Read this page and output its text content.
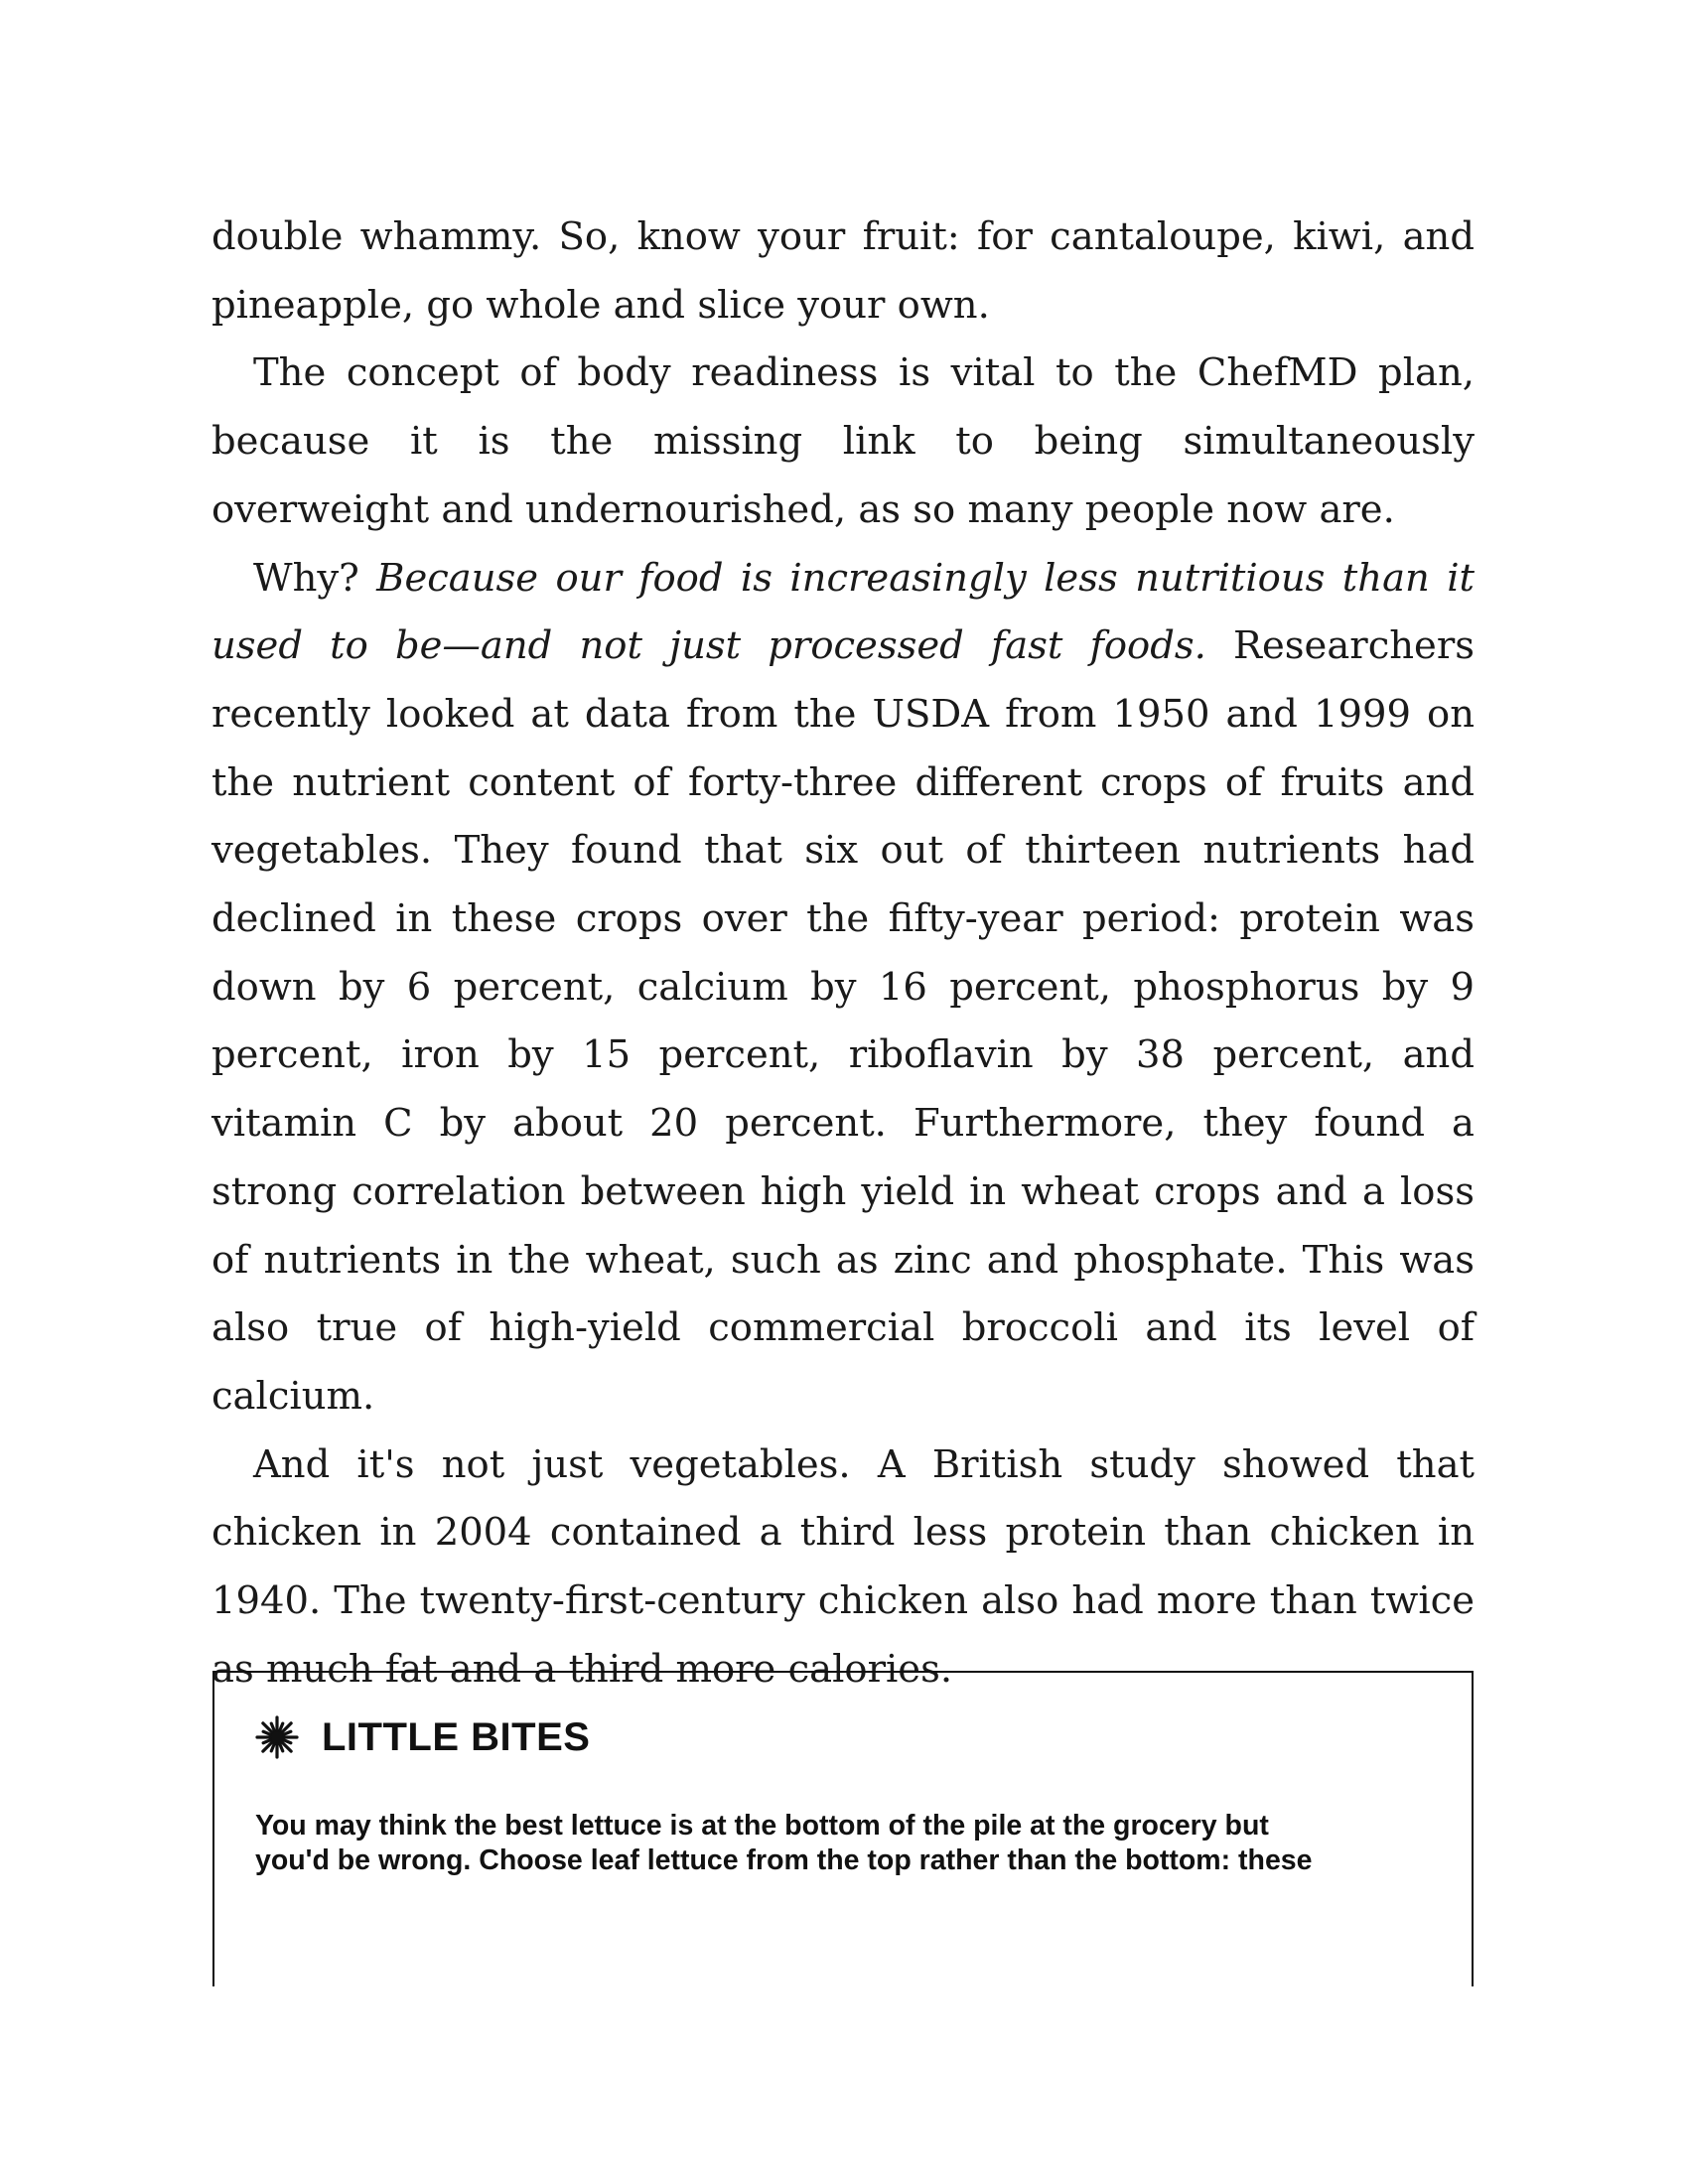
double whammy. So, know your fruit: for cantaloupe, kiwi, and pineapple, go whole and slice your own.

The concept of body readiness is vital to the ChefMD plan, because it is the missing link to being simultaneously overweight and undernourished, as so many people now are.

Why? Because our food is increasingly less nutritious than it used to be—and not just processed fast foods. Researchers recently looked at data from the USDA from 1950 and 1999 on the nutrient content of forty-three different crops of fruits and vegetables. They found that six out of thirteen nutrients had declined in these crops over the fifty-year period: protein was down by 6 percent, calcium by 16 percent, phosphorus by 9 percent, iron by 15 percent, riboflavin by 38 percent, and vitamin C by about 20 percent. Furthermore, they found a strong correlation between high yield in wheat crops and a loss of nutrients in the wheat, such as zinc and phosphate. This was also true of high-yield commercial broccoli and its level of calcium.

And it's not just vegetables. A British study showed that chicken in 2004 contained a third less protein than chicken in 1940. The twenty-first-century chicken also had more than twice as much fat and a third more calories.

LITTLE BITES

You may think the best lettuce is at the bottom of the pile at the grocery but
you'd be wrong. Choose leaf lettuce from the top rather than the bottom: these
